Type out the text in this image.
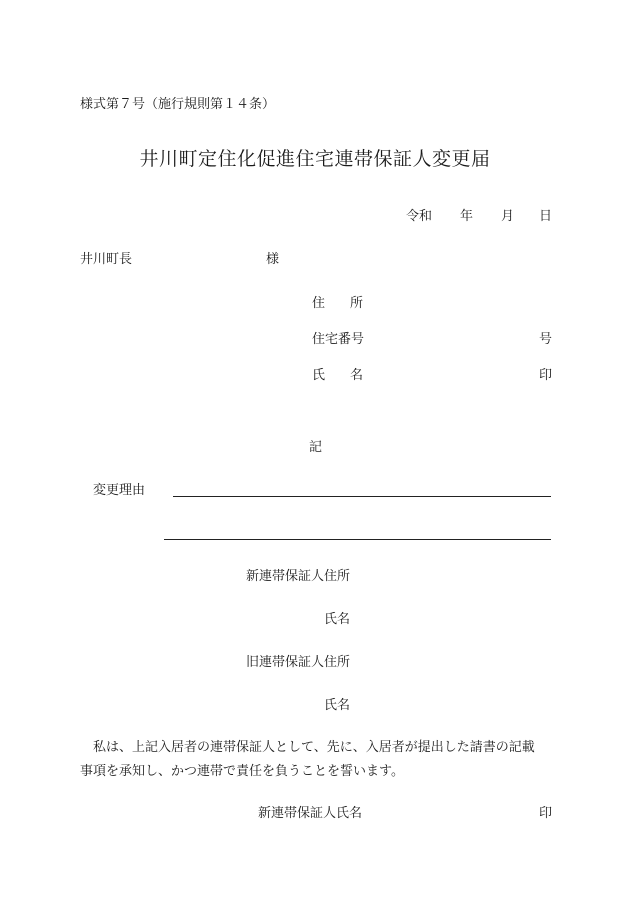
様式第７号（施行規則第１４条）
井川町定住化促進住宅連帯保証人変更届
令和 年 月 日
井川町長	様
住 所
住宅番号	号
氏 名	印
記
変更理由
新連帯保証人住所
氏名
旧連帯保証人住所
氏名
私は、上記入居者の連帯保証人として、先に、入居者が提出した請書の記載
事項を承知し、かつ連帯で責任を負うことを誓います。
新連帯保証人氏名	印
